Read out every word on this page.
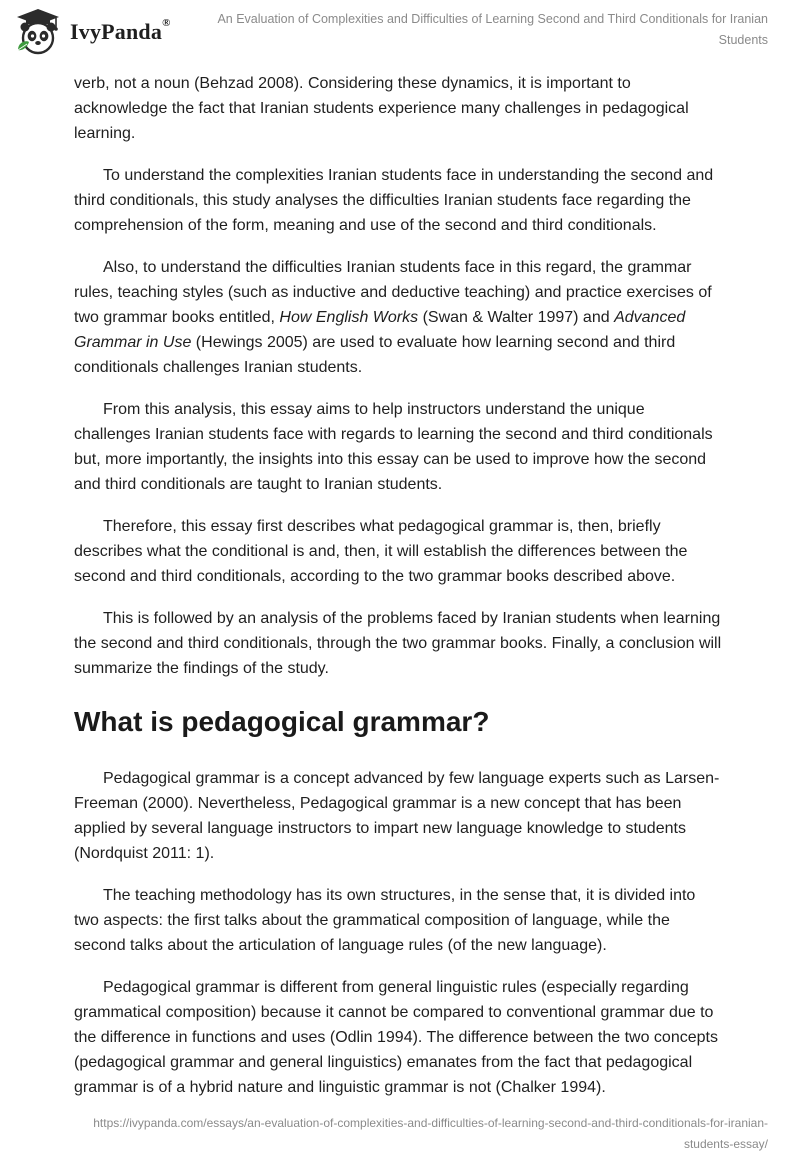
IvyPanda®	An Evaluation of Complexities and Difficulties of Learning Second and Third Conditionals for Iranian Students

verb, not a noun (Behzad 2008). Considering these dynamics, it is important to acknowledge the fact that Iranian students experience many challenges in pedagogical learning.

To understand the complexities Iranian students face in understanding the second and third conditionals, this study analyses the difficulties Iranian students face regarding the comprehension of the form, meaning and use of the second and third conditionals.

Also, to understand the difficulties Iranian students face in this regard, the grammar rules, teaching styles (such as inductive and deductive teaching) and practice exercises of two grammar books entitled, How English Works (Swan & Walter 1997) and Advanced Grammar in Use (Hewings 2005) are used to evaluate how learning second and third conditionals challenges Iranian students.

From this analysis, this essay aims to help instructors understand the unique challenges Iranian students face with regards to learning the second and third conditionals but, more importantly, the insights into this essay can be used to improve how the second and third conditionals are taught to Iranian students.

Therefore, this essay first describes what pedagogical grammar is, then, briefly describes what the conditional is and, then, it will establish the differences between the second and third conditionals, according to the two grammar books described above.

This is followed by an analysis of the problems faced by Iranian students when learning the second and third conditionals, through the two grammar books. Finally, a conclusion will summarize the findings of the study.

What is pedagogical grammar?

Pedagogical grammar is a concept advanced by few language experts such as Larsen-Freeman (2000). Nevertheless, Pedagogical grammar is a new concept that has been applied by several language instructors to impart new language knowledge to students (Nordquist 2011: 1).

The teaching methodology has its own structures, in the sense that, it is divided into two aspects: the first talks about the grammatical composition of language, while the second talks about the articulation of language rules (of the new language).

Pedagogical grammar is different from general linguistic rules (especially regarding grammatical composition) because it cannot be compared to conventional grammar due to the difference in functions and uses (Odlin 1994). The difference between the two concepts (pedagogical grammar and general linguistics) emanates from the fact that pedagogical grammar is of a hybrid nature and linguistic grammar is not (Chalker 1994).

https://ivypanda.com/essays/an-evaluation-of-complexities-and-difficulties-of-learning-second-and-third-conditionals-for-iranian-students-essay/
